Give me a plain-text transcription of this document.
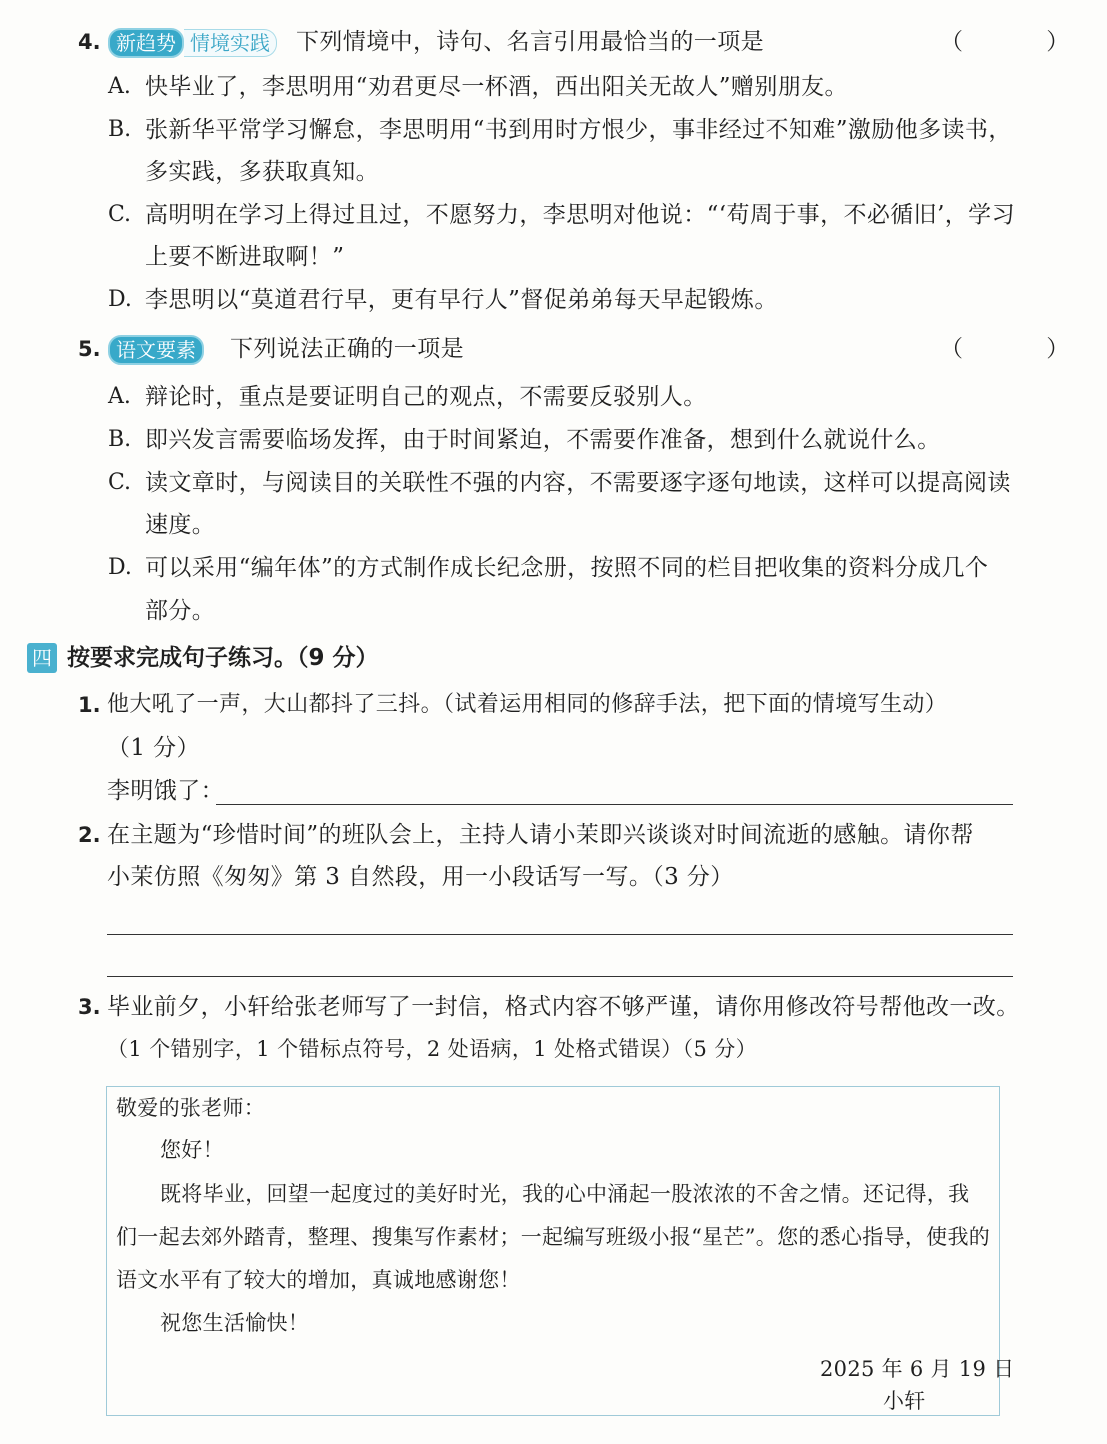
4. 新趋势 情境实践	下列情境中，诗句、名言引用最恰当的一项是	（ ）
A. 快毕业了，李思明用“劝君更尽一杯酒，西出阳关无故人”赠别朋友。
B. 张新华平常学习懈怠，李思明用“书到用时方恨少，事非经过不知难”激励他多读书，
多实践，多获取真知。
C. 高明明在学习上得过且过，不愿努力，李思明对他说：“‘苟周于事，不必循旧’，学习
上要不断进取啊！”
D. 李思明以“莫道君行早，更有早行人”督促弟弟每天早起锻炼。
5. 语文要素	下列说法正确的一项是	（ ）
A. 辩论时，重点是要证明自己的观点，不需要反驳别人。
B. 即兴发言需要临场发挥，由于时间紧迫，不需要作准备，想到什么就说什么。
C. 读文章时，与阅读目的关联性不强的内容，不需要逐字逐句地读，这样可以提高阅读
速度。
D. 可以采用“编年体”的方式制作成长纪念册，按照不同的栏目把收集的资料分成几个
部分。
四 按要求完成句子练习。（9 分）
1. 他大吼了一声，大山都抖了三抖。（试着运用相同的修辞手法，把下面的情境写生动）
（1 分）
李明饿了：
2. 在主题为“珍惜时间”的班队会上，主持人请小茉即兴谈谈对时间流逝的感触。请你帮
小茉仿照《匆匆》第 3 自然段，用一小段话写一写。（3 分）
3. 毕业前夕，小轩给张老师写了一封信，格式内容不够严谨，请你用修改符号帮他改一改。
（1 个错别字，1 个错标点符号，2 处语病，1 处格式错误）（5 分）
敬爱的张老师：
您好！
既将毕业，回望一起度过的美好时光，我的心中涌起一股浓浓的不舍之情。还记得，我
们一起去郊外踏青，整理、搜集写作素材；一起编写班级小报“星芒”。您的悉心指导，使我的
语文水平有了较大的增加，真诚地感谢您！
祝您生活愉快！
2025 年 6 月 19 日
小轩
